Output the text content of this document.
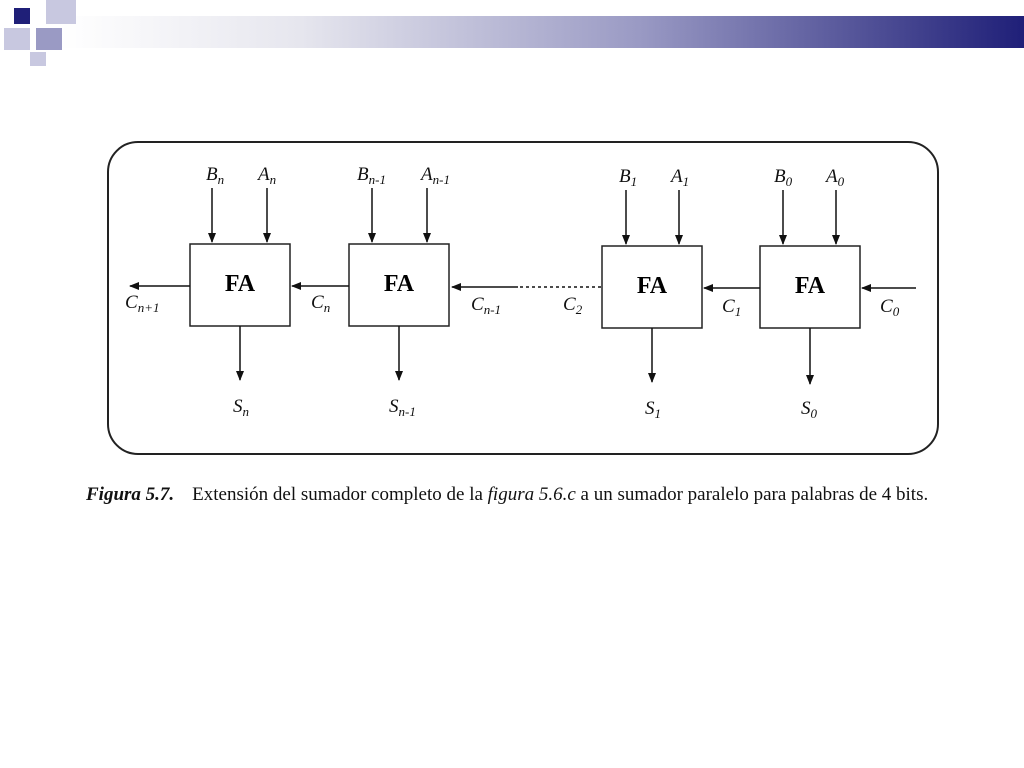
FA	FA	FA	FA
$B_n$ $A_n$	$B_{n-1}$ $A_{n-1}$	$B_1$ $A_1$	$B_0$ $A_0$
$C_{n+1}$	$C_n$	$C_{n-1}$	$C_2$	$C_1$	$C_0$
$S_n$	$S_{n-1}$	$S_1$	$S_0$
Figura 5.7. Extensión del sumador completo de la figura 5.6.c a un sumador paralelo para palabras de 4 bits.
